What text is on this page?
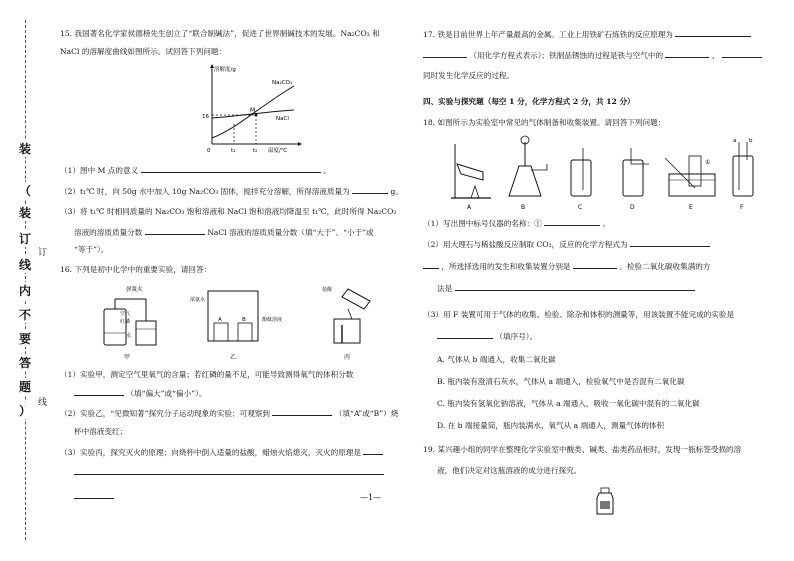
装
（
装
订
线
内
不
要
答
题
）
订
线
15. 我国著名化学家侯德榜先生创立了“联合制碱法”，促进了世界制碱技术的发展。Na₂CO₃ 和
NaCl 的溶解度曲线如图所示。试回答下列问题：
溶解度/g
温度/℃
16
0	t₁	t₂
M
Na₂CO₃
NaCl
（1）图中 M 点的意义	。
（2）t₁℃ 时，向 50g 水中加入 10g Na₂CO₃ 固体，搅拌充分溶解，所得溶液质量为	g。
（3）将 t₁℃ 时相同质量的 Na₂CO₃ 饱和溶液和 NaCl 饱和溶液均降温至 t₁℃，此时所得 Na₂CO₃
溶液的溶质质量分数	NaCl 溶液的溶质质量分数（填“大于”、“小于”或
“等于”）。
16. 下列是初中化学中的重要实验，请回答：
弹簧夹
空气
红磷
水
甲
A	B
浓氨水
酚酞溶液
乙
盐酸
丙
（1）实验甲，测定空气里氧气的含量；若红磷的量不足，可能导致测得氧气的体积分数
（填“偏大”或“偏小”）。
（2）实验乙，“见微知著”探究分子运动现象的实验；可观察到	（填“A”或“B”）烧
杯中溶液变红；
（3）实验丙，探究灭火的原理；向烧杯中倒入适量的盐酸，蜡烛火焰熄灭，灭火的原理是
—1—
17. 铁是目前世界上年产量最高的金属。工业上用铁矿石炼铁的反应原理为
（用化学方程式表示）；铁制品锈蚀的过程是铁与空气中的	、
同时发生化学反应的过程。
四、实验与探究题（每空 1 分，化学方程式 2 分，共 12 分）
18. 如图所示为实验室中常见的气体制备和收集装置。请回答下列问题：
A	B	C	D
①
E
a b
F
（1）写出图中标号仪器的名称：①	。
（2）用大理石与稀盐酸反应制取 CO₂，反应的化学方程式为
，所选择选用的发生和收集装置分别是	。检验二氧化碳收集满的方
法是
（3）用 F 装置可用于气体的收集、检验、除杂和体积的测量等，用该装置不能完成的实验是
（填序号）。
A. 气体从 b 端通入，收集二氧化碳
B. 瓶内装有澄清石灰水，气体从 a 端通入，检验氧气中是否混有二氧化碳
C. 瓶内装有氢氧化钠溶液，气体从 a 端通入，吸收一氧化碳中混有的二氧化碳
D. 在 b 端接量筒，瓶内装满水，氧气从 a 端通入，测量气体的体积
19. 某兴趣小组的同学在整理化学实验室中酸类、碱类、盐类药品柜时，发现一瓶标签受损的溶
液，他们决定对这瓶溶液的成分进行探究。
